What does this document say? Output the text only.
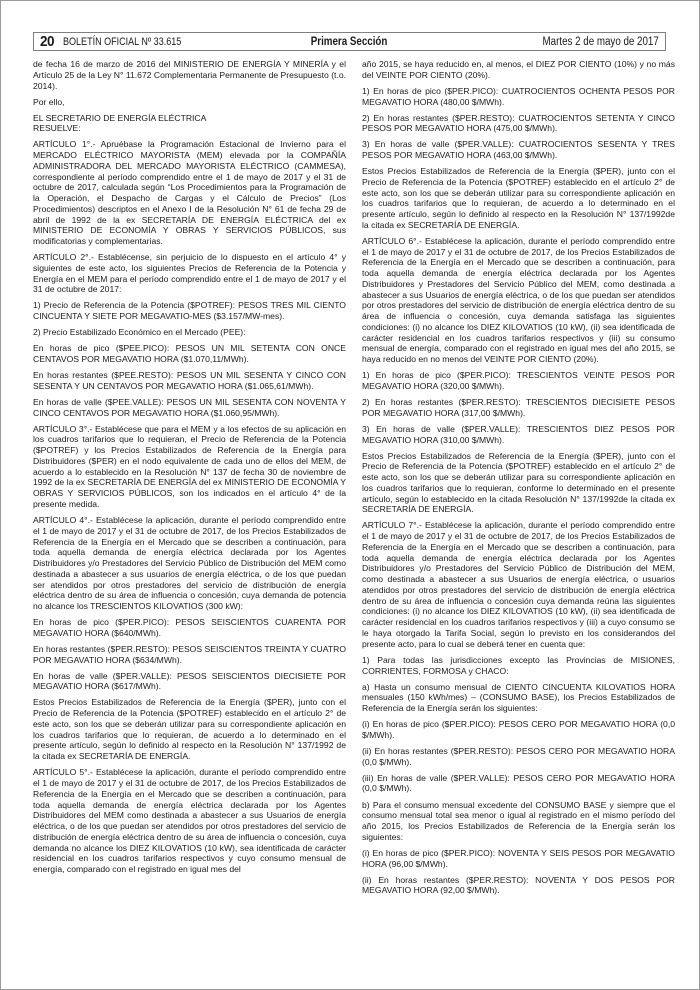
20 BOLETÍN OFICIAL Nº 33.615	Primera Sección	Martes 2 de mayo de 2017

de fecha 16 de marzo de 2016 del MINISTERIO DE ENERGÍA Y MINERÍA y el Artículo 25 de la Ley N° 11.672 Complementaria Permanente de Presupuesto (t.o. 2014).

Por ello,

EL SECRETARIO DE ENERGÍA ELÉCTRICA

RESUELVE:

ARTÍCULO 1°.- Apruébase la Programación Estacional de Invierno para el MERCADO ELÉCTRICO MAYORISTA (MEM) elevada por la COMPAÑÍA ADMINISTRADORA DEL MERCADO MAYORISTA ELÉCTRICO (CAMMESA), correspondiente al período comprendido entre el 1 de mayo de 2017 y el 31 de octubre de 2017, calculada según “Los Procedimientos para la Programación de la Operación, el Despacho de Cargas y el Cálculo de Precios” (Los Procedimientos) descriptos en el Anexo I de la Resolución N° 61 de fecha 29 de abril de 1992 de la ex SECRETARÍA DE ENERGÍA ELÉCTRICA del ex MINISTERIO DE ECONOMÍA Y OBRAS Y SERVICIOS PÚBLICOS, sus modificatorias y complementarias.

ARTÍCULO 2°.- Establécense, sin perjuicio de lo dispuesto en el artículo 4° y siguientes de este acto, los siguientes Precios de Referencia de la Potencia y Energía en el MEM para el período comprendido entre el 1 de mayo de 2017 y el 31 de octubre de 2017:

1) Precio de Referencia de la Potencia ($POTREF): PESOS TRES MIL CIENTO CINCUENTA Y SIETE POR MEGAVATIO-MES ($3.157/MW-mes).

2) Precio Estabilizado Económico en el Mercado (PEE):

En horas de pico ($PEE.PICO): PESOS UN MIL SETENTA CON ONCE CENTAVOS POR MEGAVATIO HORA ($1.070,11/MWh).

En horas restantes ($PEE.RESTO): PESOS UN MIL SESENTA Y CINCO CON SESENTA Y UN CENTAVOS POR MEGAVATIO HORA ($1.065,61/MWh).

En horas de valle ($PEE.VALLE): PESOS UN MIL SESENTA CON NOVENTA Y CINCO CENTAVOS POR MEGAVATIO HORA ($1.060,95/MWh).

ARTÍCULO 3°.- Establécese que para el MEM y a los efectos de su aplicación en los cuadros tarifarios que lo requieran, el Precio de Referencia de la Potencia ($POTREF) y los Precios Estabilizados de Referencia de la Energía para Distribuidores ($PER) en el nodo equivalente de cada uno de ellos del MEM, de acuerdo a lo establecido en la Resolución N° 137 de fecha 30 de noviembre de 1992 de la ex SECRETARÍA DE ENERGÍA del ex MINISTERIO DE ECONOMÍA Y OBRAS Y SERVICIOS PÚBLICOS, son los indicados en el artículo 4° de la presente medida.

ARTÍCULO 4°.- Establécese la aplicación, durante el período comprendido entre el 1 de mayo de 2017 y el 31 de octubre de 2017, de los Precios Estabilizados de Referencia de la Energía en el Mercado que se describen a continuación, para toda aquella demanda de energía eléctrica declarada por los Agentes Distribuidores y/o Prestadores del Servicio Público de Distribución del MEM como destinada a abastecer a sus usuarios de energía eléctrica, o de los que puedan ser atendidos por otros prestadores del servicio de distribución de energía eléctrica dentro de su área de influencia o concesión, cuya demanda de potencia no alcance los TRESCIENTOS KILOVATIOS (300 kW):

En horas de pico ($PER.PICO): PESOS SEISCIENTOS CUARENTA POR MEGAVATIO HORA ($640/MWh).

En horas restantes ($PER.RESTO): PESOS SEISCIENTOS TREINTA Y CUATRO POR MEGAVATIO HORA ($634/MWh).

En horas de valle ($PER.VALLE): PESOS SEISCIENTOS DIECISIETE POR MEGAVATIO HORA ($617/MWh).

Estos Precios Estabilizados de Referencia de la Energía ($PER), junto con el Precio de Referencia de la Potencia ($POTREF) establecido en el artículo 2° de este acto, son los que se deberán utilizar para su correspondiente aplicación en los cuadros tarifarios que lo requieran, de acuerdo a lo determinado en el presente artículo, según lo definido al respecto en la Resolución N° 137/1992 de la citada ex SECRETARÍA DE ENERGÍA.

ARTÍCULO 5°.- Establécese la aplicación, durante el período comprendido entre el 1 de mayo de 2017 y el 31 de octubre de 2017, de los Precios Estabilizados de Referencia de la Energía en el Mercado que se describen a continuación, para toda aquella demanda de energía eléctrica declarada por los Agentes Distribuidores del MEM como destinada a abastecer a sus Usuarios de energía eléctrica, o de los que puedan ser atendidos por otros prestadores del servicio de distribución de energía eléctrica dentro de su área de influencia o concesión, cuya demanda no alcance los DIEZ KILOVATIOS (10 kW), sea identificada de carácter residencial en los cuadros tarifarios respectivos y cuyo consumo mensual de energía, comparado con el registrado en igual mes del

año 2015, se haya reducido en, al menos, el DIEZ POR CIENTO (10%) y no más del VEINTE POR CIENTO (20%).

1) En horas de pico ($PER.PICO): CUATROCIENTOS OCHENTA PESOS POR MEGAVATIO HORA (480,00 $/MWh).

2) En horas restantes ($PER.RESTO): CUATROCIENTOS SETENTA Y CINCO PESOS POR MEGAVATIO HORA (475,00 $/MWh).

3) En horas de valle ($PER.VALLE): CUATROCIENTOS SESENTA Y TRES PESOS POR MEGAVATIO HORA (463,00 $/MWh).

Estos Precios Estabilizados de Referencia de la Energía ($PER), junto con el Precio de Referencia de la Potencia ($POTREF) establecido en el artículo 2° de este acto, son los que se deberán utilizar para su correspondiente aplicación en los cuadros tarifarios que lo requieran, de acuerdo a lo determinado en el presente artículo, según lo definido al respecto en la Resolución N° 137/1992de la citada ex SECRETARÍA DE ENERGÍA.

ARTÍCULO 6°.- Establécese la aplicación, durante el período comprendido entre el 1 de mayo de 2017 y el 31 de octubre de 2017, de los Precios Estabilizados de Referencia de la Energía en el Mercado que se describen a continuación, para toda aquella demanda de energía eléctrica declarada por los Agentes Distribuidores y Prestadores del Servicio Público del MEM, como destinada a abastecer a sus Usuarios de energía eléctrica, o de los que puedan ser atendidos por otros prestadores del servicio de distribución de energía eléctrica dentro de su área de influencia o concesión, cuya demanda satisfaga las siguientes condiciones: (i) no alcance los DIEZ KILOVATIOS (10 kW), (ii) sea identificada de carácter residencial en los cuadros tarifarios respectivos y (iii) su consumo mensual de energía, comparado con el registrado en igual mes del año 2015, se haya reducido en no menos del VEINTE POR CIENTO (20%).

1) En horas de pico ($PER.PICO): TRESCIENTOS VEINTE PESOS POR MEGAVATIO HORA (320,00 $/MWh).

2) En horas restantes ($PER.RESTO): TRESCIENTOS DIECISIETE PESOS POR MEGAVATIO HORA (317,00 $/MWh).

3) En horas de valle ($PER.VALLE): TRESCIENTOS DIEZ PESOS POR MEGAVATIO HORA (310,00 $/MWh).

Estos Precios Estabilizados de Referencia de la Energía ($PER), junto con el Precio de Referencia de la Potencia ($POTREF) establecido en el artículo 2° de este acto, son los que se deberán utilizar para su correspondiente aplicación en los cuadros tarifarios que lo requieran, conforme lo determinado en el presente artículo, según lo establecido en la citada Resolución N° 137/1992de la citada ex SECRETARÍA DE ENERGÍA.

ARTÍCULO 7°.- Establécese la aplicación, durante el período comprendido entre el 1 de mayo de 2017 y el 31 de octubre de 2017, de los Precios Estabilizados de Referencia de la Energía en el Mercado que se describen a continuación, para toda aquella demanda de energía eléctrica declarada por los Agentes Distribuidores y/o Prestadores del Servicio Público de Distribución del MEM, como destinada a abastecer a sus Usuarios de energía eléctrica, o usuarios atendidos por otros prestadores del servicio de distribución de energía eléctrica dentro de su área de influencia o concesión cuya demanda reúna las siguientes condiciones: (i) no alcance los DIEZ KILOVATIOS (10 kW), (ii) sea identificada de carácter residencial en los cuadros tarifarios respectivos y (iii) a cuyo consumo se le haya otorgado la Tarifa Social, según lo previsto en los considerandos del presente acto, para lo cual se deberá tener en cuenta que:

1) Para todas las jurisdicciones excepto las Provincias de MISIONES, CORRIENTES, FORMOSA y CHACO:

a) Hasta un consumo mensual de CIENTO CINCUENTA KILOVATIOS HORA mensuales (150 kWh/mes) – (CONSUMO BASE), los Precios Estabilizados de Referencia de la Energía serán los siguientes:

(i) En horas de pico ($PER.PICO): PESOS CERO POR MEGAVATIO HORA (0,0 $/MWh).

(ii) En horas restantes ($PER.RESTO): PESOS CERO POR MEGAVATIO HORA (0,0 $/MWh).

(iii) En horas de valle ($PER.VALLE): PESOS CERO POR MEGAVATIO HORA (0,0 $/MWh).

b) Para el consumo mensual excedente del CONSUMO BASE y siempre que el consumo mensual total sea menor o igual al registrado en el mismo período del año 2015, los Precios Estabilizados de Referencia de la Energía serán los siguientes:

(i) En horas de pico ($PER.PICO): NOVENTA Y SEIS PESOS POR MEGAVATIO HORA (96,00 $/MWh).

(ii) En horas restantes ($PER.RESTO): NOVENTA Y DOS PESOS POR MEGAVATIO HORA (92,00 $/MWh).
